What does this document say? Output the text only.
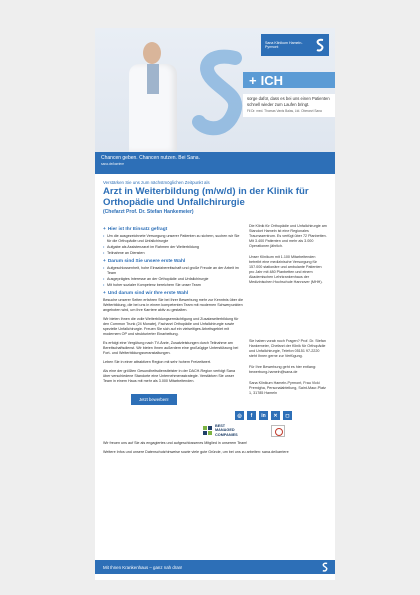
Sana Klinikum Hameln-Pyrmont
+ ICH
sorge dafür, dass es bei uns einen Patienten schnell wieder zum Laufen bringt.
Fil Dr. med. Thomas Vanis Balas, Ltd. Oberarzt Sana
Chancen geben. Chancen nutzen. Bei Sana.
sana.de/karriere
Verstärken Sie uns zum nächstmöglichen Zeitpunkt als
Arzt in Weiterbildung (m/w/d) in der Klinik für Orthopädie und Unfallchirurgie
(Chefarzt Prof. Dr. Stefan Hankemeier)
+ Hier ist Ihr Einsatz gefragt
• Um die ausgezeichnete Versorgung unserer Patienten zu sichern, suchen wir Sie für die Orthopädie und Unfallchirurgie
• Aufgabe als Assistenzarzt im Rahmen der Weiterbildung
• Teilnahme an Diensten
+ Darum sind Sie unsere erste Wahl
• Aufgeschlossenheit, hohe Einsatzbereitschaft und große Freude an der Arbeit im Team
• Ausgeprägtes Interesse an der Orthopädie und Unfallchirurgie
• Mit hoher sozialer Kompetenz bereichern Sie unser Team
+ Und darum sind wir Ihre erste Wahl
Besuche unserer Seiten erfahren Sie bei Ihrer Bewerbung mehr zur Kenntnis über die Weiterbildung, die bei uns in einem kompetenten Team mit modernen Schwerpunkten angeboten wird, um Ihre Karriere aktiv zu gestalten.
Wir bieten Ihnen die volle Weiterbildungsermächtigung und Zusatzweiterbildung für den Common Trunk (24 Monate), Facharzt Orthopädie und Unfallchirurgie sowie spezielle Unfallchirurgie. Freuen Sie sich auf ein vielseitiges Arbeitsgebiet mit modernem OP und strukturierter Einarbeitung.
Es erfolgt eine Vergütung nach TV-Ärzte, Zusatzleistungen durch Teilnahme am Bereitschaftsdienst. Wir bieten Ihnen außerdem eine großzügige Unterstützung bei Fort- und Weiterbildungsveranstaltungen.
Leben Sie in einer attraktiven Region mit sehr hohem Freizeitwert.
Als eine der größten Gesundheitsdienstleister in der DACH-Region verfolgt Sana über verschiedene Standorte eine Unternehmensstrategie. Verstärken Sie unser Team in einem Haus mit mehr als 3.000 Mitarbeitenden.
Jetzt bewerben!
Die Klinik für Orthopädie und Unfallchirurgie am Standort Hameln ist eine Regionales Traumazentrum. Es verfügt über 72 Planbetten. Mit 3.400 Patienten und mehr als 3.000 Operationen jährlich.
Unser Klinikum mit 1.100 Mitarbeitenden betreibt eine medizinische Versorgung für 157.000 stationäre und ambulante Patienten pro Jahr mit 480 Planbetten und einem Akademischen Lehrkrankenhaus der Medizinischen Hochschule Hannover (MHH).
Sie haben vorab noch Fragen? Prof. Dr. Stefan Hankemeier, Chefarzt der Klinik für Orthopädie und Unfallchirurgie, Telefon 05151 97-2220 steht Ihnen gerne zur Verfügung.
Für Ihre Bewerbung geht es hier entlang: bewerbung-hameln@sana.de
Sana Klinikum Hameln-Pyrmont, Frau Vicki Premigha, Personalabteilung, Saint-Maur-Platz 1, 31785 Hameln
◎	f	in	✕	◻
BEST
MANAGED
COMPANIES
Wir freuen uns auf Sie als engagiertes und aufgeschlossenes Mitglied in unserem Team!
Weitere Infos und unsere Datenschutzhinweise sowie viele gute Gründe, um bei uns zu arbeiten: sana.de/karriere
Mit Ihnen Krankenhaus – ganz nah dran!
